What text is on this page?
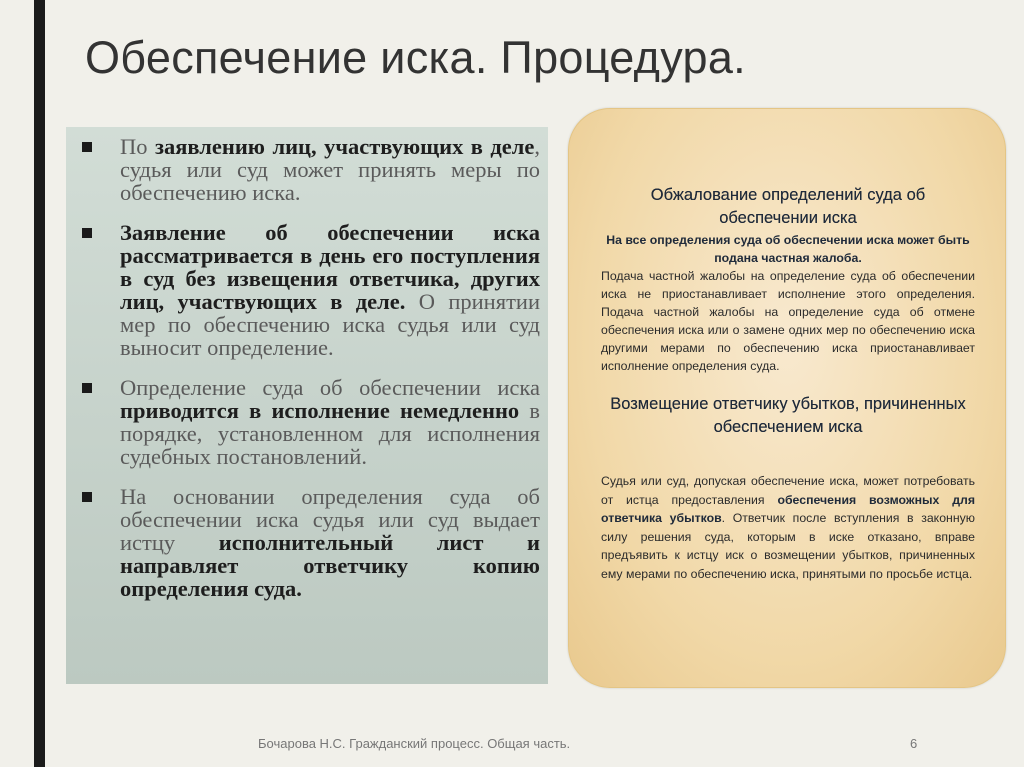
Обеспечение иска. Процедура.
По заявлению лиц, участвующих в деле, судья или суд может принять меры по обеспечению иска.
Заявление об обеспечении иска рассматривается в день его поступления в суд без извещения ответчика, других лиц, участвующих в деле. О принятии мер по обеспечению иска судья или суд выносит определение.
Определение суда об обеспечении иска приводится в исполнение немедленно в порядке, установленном для исполнения судебных постановлений.
На основании определения суда об обеспечении иска судья или суд выдает истцу исполнительный лист и направляет ответчику копию определения суда.
Обжалование определений суда об обеспечении иска

На все определения суда об обеспечении иска может быть подана частная жалоба.

Подача частной жалобы на определение суда об обеспечении иска не приостанавливает исполнение этого определения. Подача частной жалобы на определение суда об отмене обеспечения иска или о замене одних мер по обеспечению иска другими мерами по обеспечению иска приостанавливает исполнение определения суда.

Возмещение ответчику убытков, причиненных обеспечением иска

Судья или суд, допуская обеспечение иска, может потребовать от истца предоставления обеспечения возможных для ответчика убытков. Ответчик после вступления в законную силу решения суда, которым в иске отказано, вправе предъявить к истцу иск о возмещении убытков, причиненных ему мерами по обеспечению иска, принятыми по просьбе истца.

Бочарова Н.С. Гражданский процесс. Общая часть.	6
